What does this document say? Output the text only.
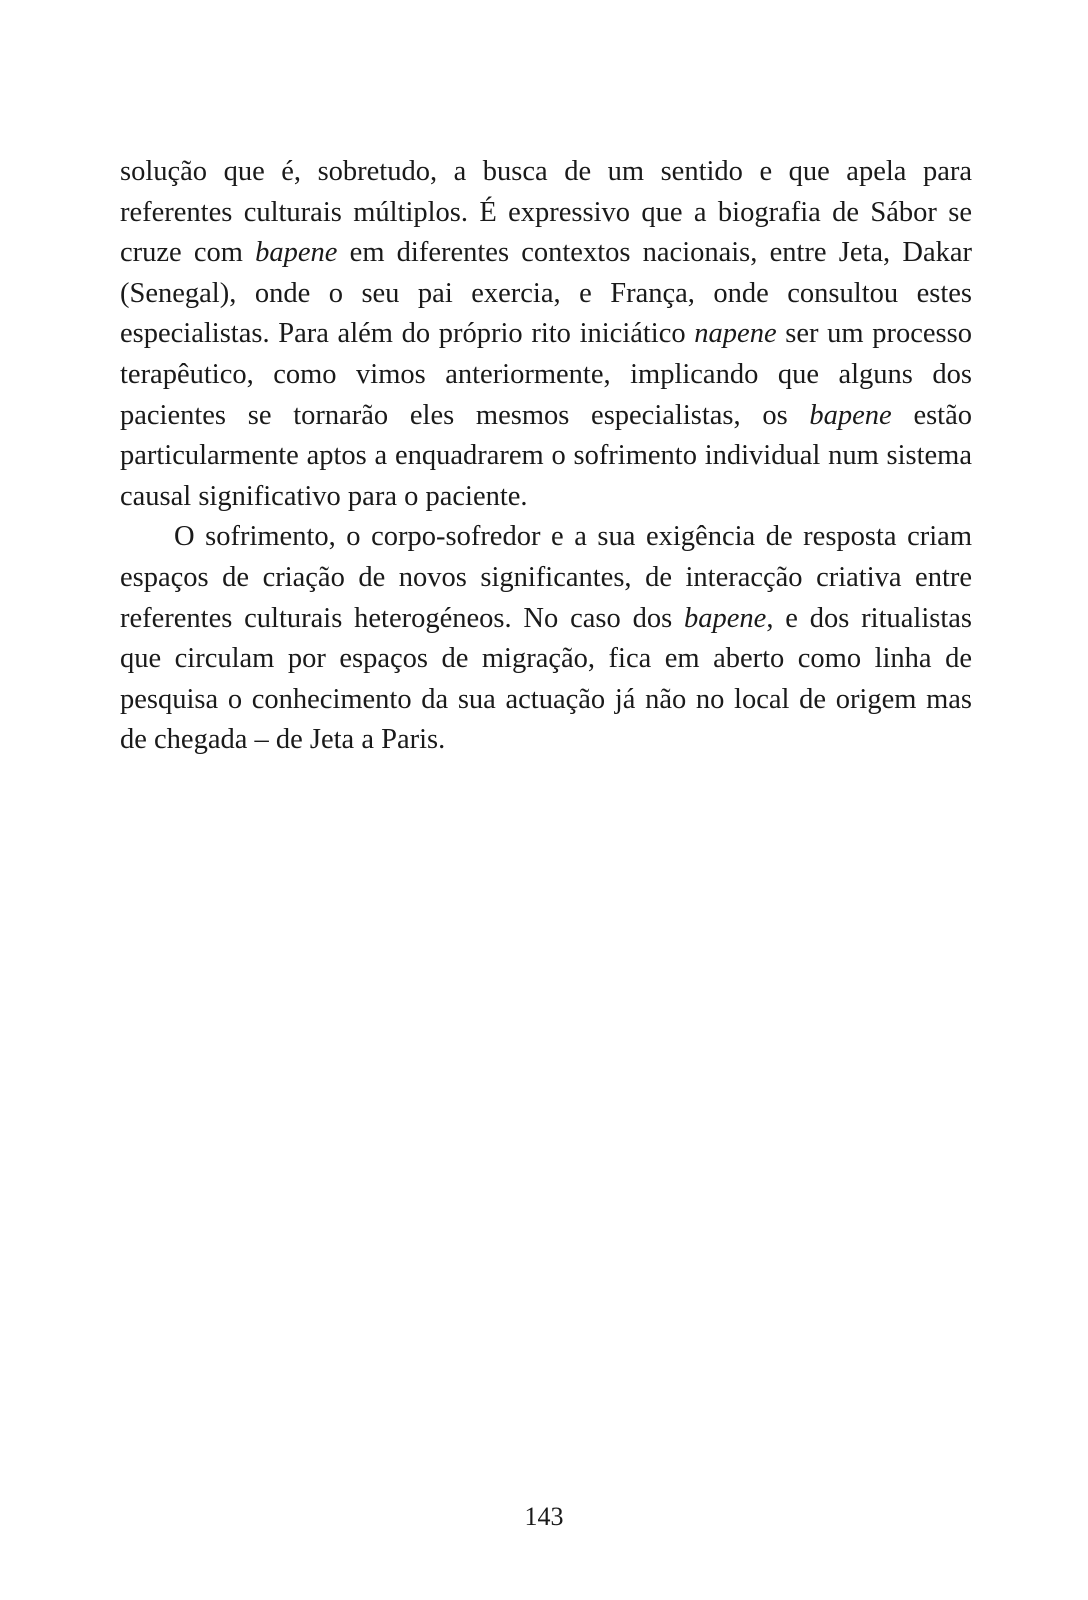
solução que é, sobretudo, a busca de um sentido e que apela para referentes culturais múltiplos. É expressivo que a biografia de Sábor se cruze com bapene em diferentes contextos nacionais, entre Jeta, Dakar (Senegal), onde o seu pai exercia, e França, onde consultou estes especialistas. Para além do próprio rito iniciático napene ser um processo terapêutico, como vimos anteriormente, implicando que alguns dos pacientes se tornarão eles mesmos especialistas, os bapene estão particularmente aptos a enquadrarem o sofrimento individual num sistema causal significativo para o paciente.

O sofrimento, o corpo-sofredor e a sua exigência de resposta criam espaços de criação de novos significantes, de interacção criativa entre referentes culturais heterogéneos. No caso dos bapene, e dos ritualistas que circulam por espaços de migração, fica em aberto como linha de pesquisa o conhecimento da sua actuação já não no local de origem mas de chegada – de Jeta a Paris.

143
